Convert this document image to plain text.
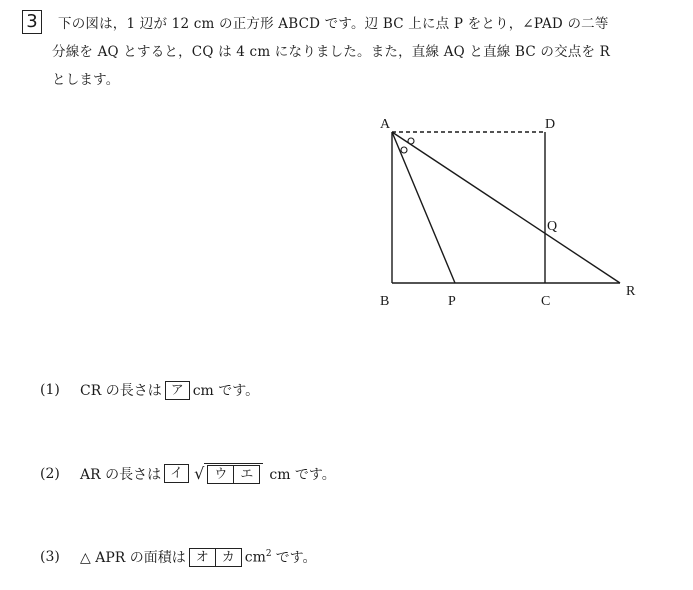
3	下の図は，1 辺が 12 cm の正方形 ABCD です。辺 BC 上に点 P をとり，∠PAD の二等
分線を AQ とすると，CQ は 4 cm になりました。また，直線 AQ と直線 BC の交点を R
とします。
A	D
B	P	C
Q
R
(1)	CR の長さは ア cm です。
(2)	AR の長さは イ √ ウ	エ	cm です。
(3)	△ APR の面積は オ	カ $cm^2$ です。
